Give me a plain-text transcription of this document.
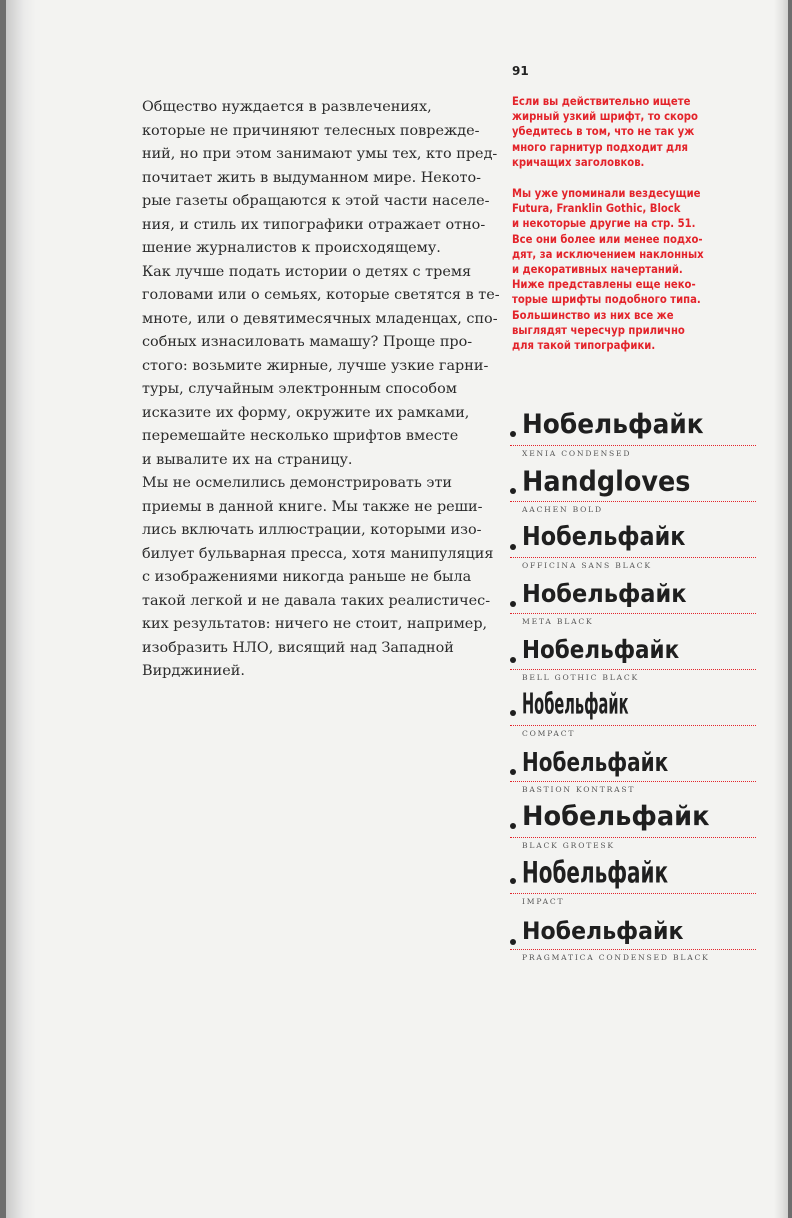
91

Общество нуждается в развлечениях,
которые не причиняют телесных поврежде-
ний, но при этом занимают умы тех, кто пред-
почитает жить в выдуманном мире. Некото-
рые газеты обращаются к этой части населе-
ния, и стиль их типографики отражает отно-
шение журналистов к происходящему.

Как лучше подать истории о детях с тремя
головами или о семьях, которые светятся в те-
мноте, или о девятимесячных младенцах, спо-
собных изнасиловать мамашу? Проще про-
стого: возьмите жирные, лучше узкие гарни-
туры, случайным электронным способом
исказите их форму, окружите их рамками,
перемешайте несколько шрифтов вместе
и вывалите их на страницу.

Мы не осмелились демонстрировать эти
приемы в данной книге. Мы также не реши-
лись включать иллюстрации, которыми изо-
билует бульварная пресса, хотя манипуляция
с изображениями никогда раньше не была
такой легкой и не давала таких реалистичес-
ких результатов: ничего не стоит, например,
изобразить НЛО, висящий над Западной
Вирджинией.

Если вы действительно ищете
жирный узкий шрифт, то скоро
убедитесь в том, что не так уж
много гарнитур подходит для
кричащих заголовков.

Мы уже упоминали вездесущие
Futura, Franklin Gothic, Block
и некоторые другие на стр. 51.
Все они более или менее подхо-
дят, за исключением наклонных
и декоративных начертаний.
Ниже представлены еще неко-
торые шрифты подобного типа.
Большинство из них все же
выглядят чересчур прилично
для такой типографики.

Нобельфайк
XENIA CONDENSED
Handgloves
AACHEN BOLD
Нобельфайк
OFFICINA SANS BLACK
Нобельфайк
META BLACK
Нобельфайк
BELL GOTHIC BLACK
Нобельфайк
COMPACT
Нобельфайк
BASTION KONTRAST
Нобельфайк
BLACK GROTESK
Нобельфайк
IMPACT
Нобельфайк
PRAGMATICA CONDENSED BLACK
